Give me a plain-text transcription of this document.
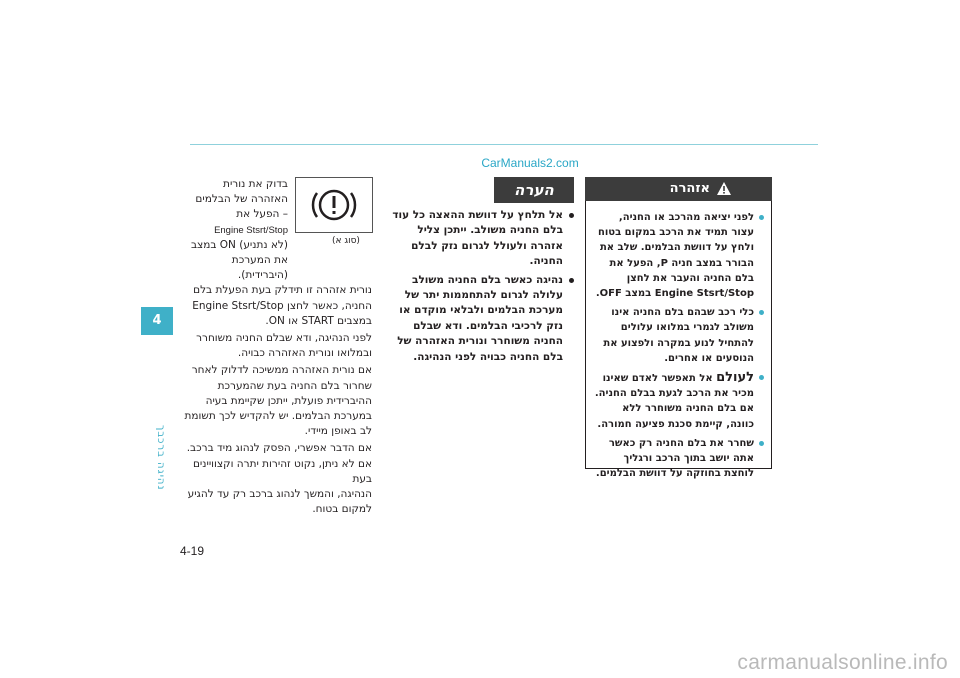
CarManuals2.com
carmanualsonline.info
4
נהיגה ברכבך
4-19
(סוג א)
בדוק את נורית
האזהרה של הבלמים
– הפעל את
Engine Stsrt/Stop
(לא נתניע) ON במצב
את המערכת
(היברידית).

נורית אזהרה זו תידלק בעת הפעלת בלם
החניה, כאשר לחצן Engine Stsrt/Stop
במצבים START או ON.

לפני הנהיגה, ודא שבלם החניה משוחרר
ובמלואו ונורית האזהרה כבויה.

אם נורית האזהרה ממשיכה לדלוק לאחר
שחרור בלם החניה בעת שהמערכת
ההיברידית פועלת, ייתכן שקיימת בעיה
במערכת הבלמים. יש להקדיש לכך תשומת
לב באופן מיידי.

אם הדבר אפשרי, הפסק לנהוג מיד ברכב.
אם לא ניתן, נקוט זהירות יתרה וקצוויינים בעת
הנהיגה, והמשך לנהוג ברכב רק עד להגיע
למקום בטוח.

הערה
אל תלחץ על דוושת ההאצה כל עוד בלם החניה משולב. ייתכן צליל אזהרה ולעולל לגרום נזק לבלם החניה.
נהיגה כאשר בלם החניה משולב עלולה לגרום להתחממות יתר של מערכת הבלמים ולבלאי מוקדם או נזק לרכיבי הבלמים. ודא שבלם החניה משוחרר ונורית האזהרה של בלם החניה כבויה לפני הנהיגה.
אזהרה
לפני יציאה מהרכב או החניה, עצור תמיד את הרכב במקום בטוח ולחץ על דוושת הבלמים. שלב את הבורר במצב חניה P, הפעל את בלם החניה והעבר את לחצן Engine Stsrt/Stop במצב OFF.
כלי רכב שבהם בלם החניה אינו משולב לגמרי במלואו עלולים להתחיל לנוע במקרה ולפצוע את הנוסעים או אחרים.
לעולם אל תאפשר לאדם שאינו מכיר את הרכב לגעת בבלם החניה. אם בלם החניה משוחרר ללא כוונה, קיימת סכנת פציעה חמורה.
שחרר את בלם החניה רק כאשר אתה יושב בתוך הרכב ורגליך לוחצת בחוזקה על דוושת הבלמים.
